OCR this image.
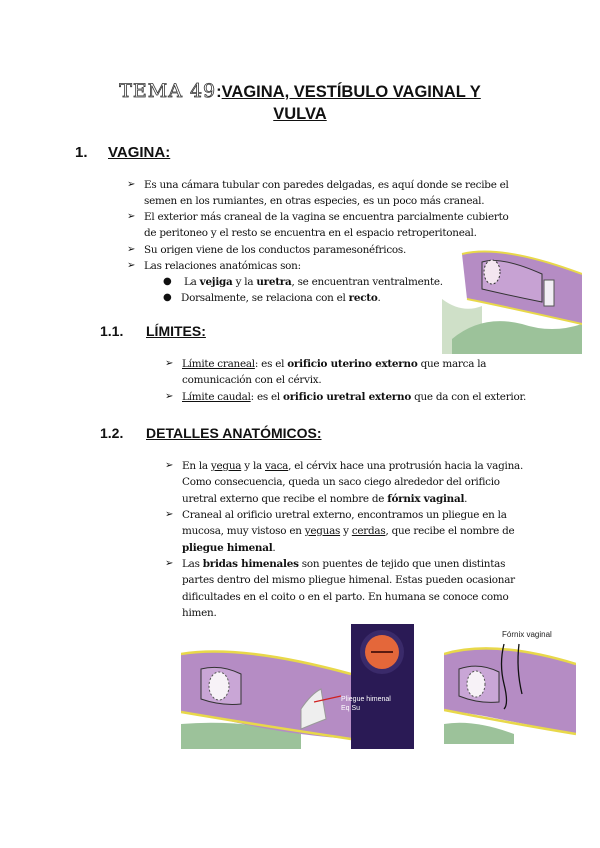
TEMA 49:VAGINA, VESTÍBULO VAGINAL Y
VULVA
1. VAGINA:
➢ Es una cámara tubular con paredes delgadas, es aquí donde se recibe el
semen en los rumiantes, en otras especies, es un poco más craneal.
➢ El exterior más craneal de la vagina se encuentra parcialmente cubierto
de peritoneo y el resto se encuentra en el espacio retroperitoneal.
➢ Su origen viene de los conductos paramesonéfricos.
➢ Las relaciones anatómicas son:
● La vejiga y la uretra, se encuentran ventralmente.
● Dorsalmente, se relaciona con el recto.
1.1. LÍMITES:
➢ Límite craneal: es el orificio uterino externo que marca la
comunicación con el cérvix.
➢ Límite caudal: es el orificio uretral externo que da con el exterior.
1.2. DETALLES ANATÓMICOS:
➢ En la yegua y la vaca, el cérvix hace una protrusión hacia la vagina.
Como consecuencia, queda un saco ciego alrededor del orificio
uretral externo que recibe el nombre de fórnix vaginal.
➢ Craneal al orificio uretral externo, encontramos un pliegue en la
mucosa, muy vistoso en yeguas y cerdas, que recibe el nombre de
pliegue himenal.
➢ Las bridas himenales son puentes de tejido que unen distintas
partes dentro del mismo pliegue himenal. Estas pueden ocasionar
dificultades en el coito o en el parto. En humana se conoce como
himen.
Pliegue himenal
Eq Su
Fórnix vaginal
